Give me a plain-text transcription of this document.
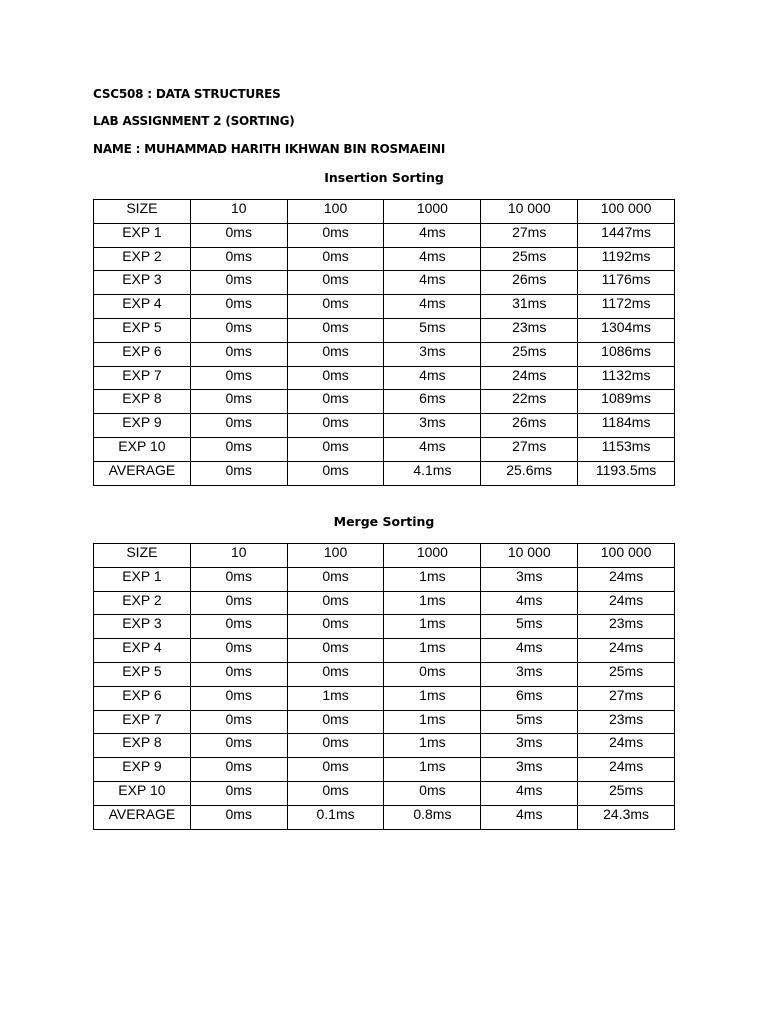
CSC508 : DATA STRUCTURES
LAB ASSIGNMENT 2 (SORTING)
NAME : MUHAMMAD HARITH IKHWAN BIN ROSMAEINI
Insertion Sorting
SIZE	10	100	1000	10 000	100 000
EXP 1	0ms	0ms	4ms	27ms	1447ms
EXP 2	0ms	0ms	4ms	25ms	1192ms
EXP 3	0ms	0ms	4ms	26ms	1176ms
EXP 4	0ms	0ms	4ms	31ms	1172ms
EXP 5	0ms	0ms	5ms	23ms	1304ms
EXP 6	0ms	0ms	3ms	25ms	1086ms
EXP 7	0ms	0ms	4ms	24ms	1132ms
EXP 8	0ms	0ms	6ms	22ms	1089ms
EXP 9	0ms	0ms	3ms	26ms	1184ms
EXP 10	0ms	0ms	4ms	27ms	1153ms
AVERAGE	0ms	0ms	4.1ms	25.6ms	1193.5ms
Merge Sorting
SIZE	10	100	1000	10 000	100 000
EXP 1	0ms	0ms	1ms	3ms	24ms
EXP 2	0ms	0ms	1ms	4ms	24ms
EXP 3	0ms	0ms	1ms	5ms	23ms
EXP 4	0ms	0ms	1ms	4ms	24ms
EXP 5	0ms	0ms	0ms	3ms	25ms
EXP 6	0ms	1ms	1ms	6ms	27ms
EXP 7	0ms	0ms	1ms	5ms	23ms
EXP 8	0ms	0ms	1ms	3ms	24ms
EXP 9	0ms	0ms	1ms	3ms	24ms
EXP 10	0ms	0ms	0ms	4ms	25ms
AVERAGE	0ms	0.1ms	0.8ms	4ms	24.3ms
